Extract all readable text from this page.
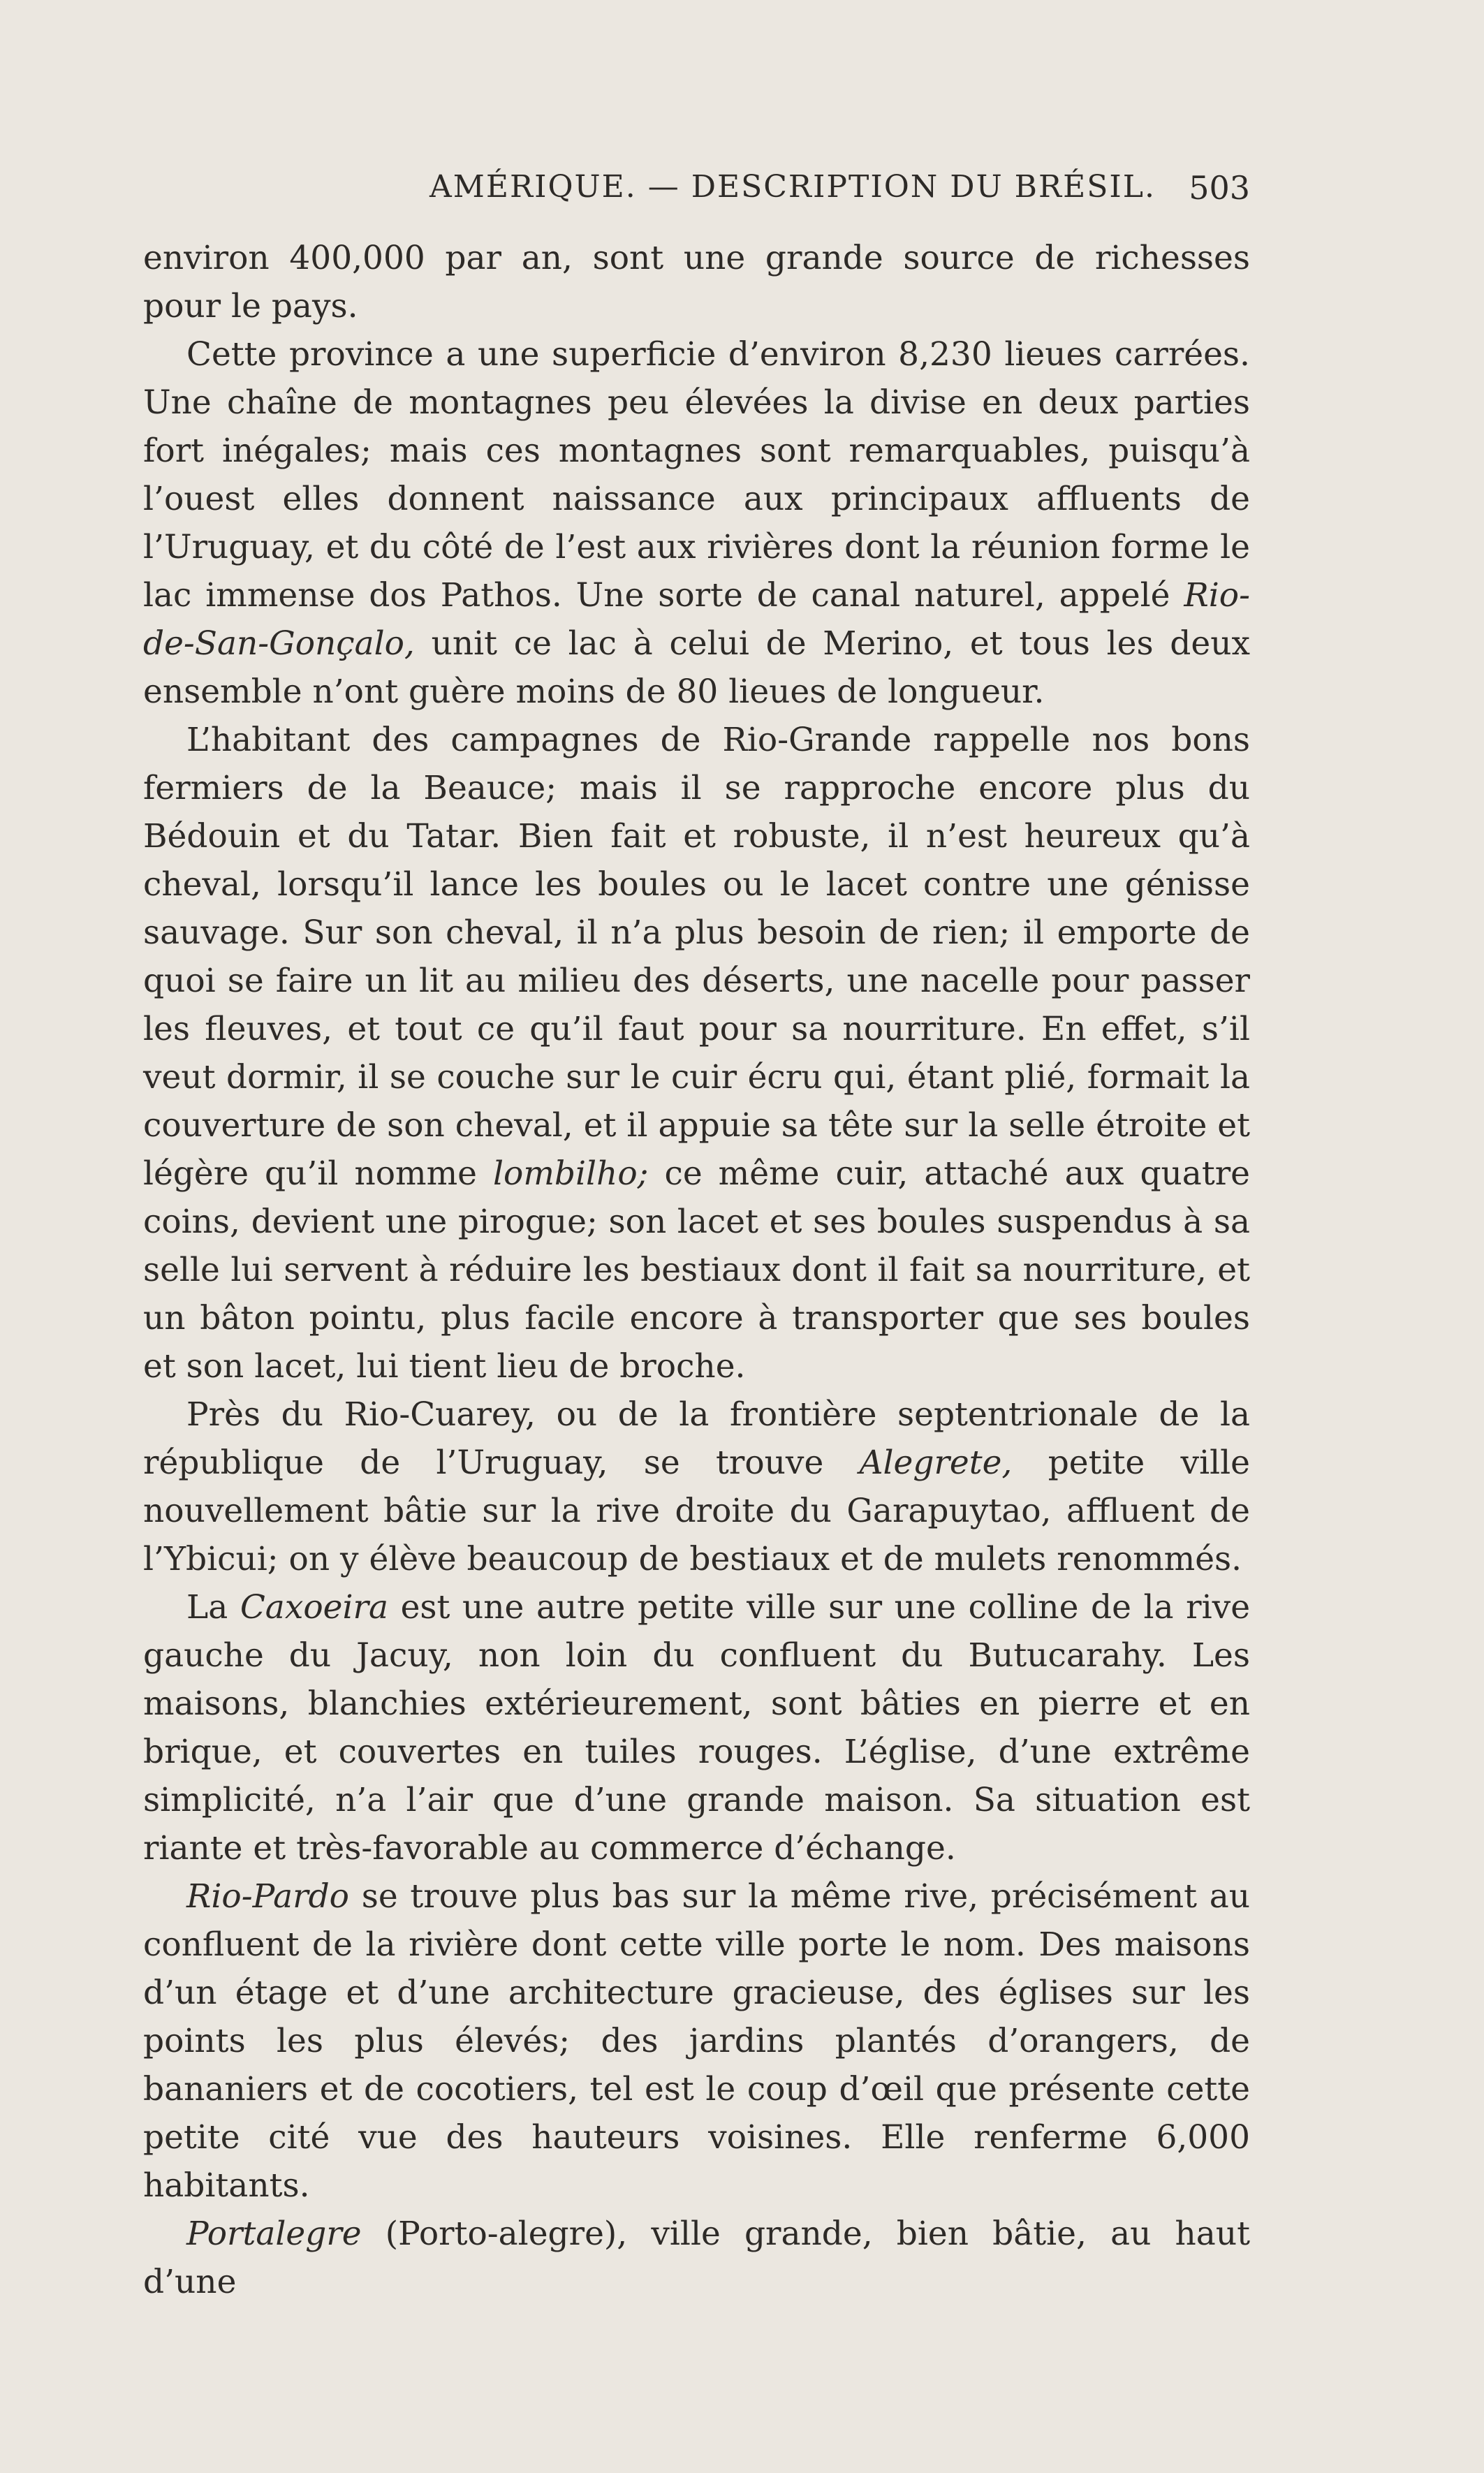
AMÉRIQUE. — DESCRIPTION DU BRÉSIL. 503

environ 400,000 par an, sont une grande source de richesses pour le pays.

Cette province a une superficie d’environ 8,230 lieues carrées. Une chaîne de montagnes peu élevées la divise en deux parties fort inégales; mais ces montagnes sont remarquables, puisqu’à l’ouest elles donnent naissance aux principaux affluents de l’Uruguay, et du côté de l’est aux rivières dont la réunion forme le lac immense dos Pathos. Une sorte de canal naturel, appelé Rio-de-San-Gonçalo, unit ce lac à celui de Merino, et tous les deux ensemble n’ont guère moins de 80 lieues de longueur.

L’habitant des campagnes de Rio-Grande rappelle nos bons fermiers de la Beauce; mais il se rapproche encore plus du Bédouin et du Tatar. Bien fait et robuste, il n’est heureux qu’à cheval, lorsqu’il lance les boules ou le lacet contre une génisse sauvage. Sur son cheval, il n’a plus besoin de rien; il emporte de quoi se faire un lit au milieu des déserts, une nacelle pour passer les fleuves, et tout ce qu’il faut pour sa nourriture. En effet, s’il veut dormir, il se couche sur le cuir écru qui, étant plié, formait la couverture de son cheval, et il appuie sa tête sur la selle étroite et légère qu’il nomme lombilho; ce même cuir, attaché aux quatre coins, devient une pirogue; son lacet et ses boules suspendus à sa selle lui servent à réduire les bestiaux dont il fait sa nourriture, et un bâton pointu, plus facile encore à transporter que ses boules et son lacet, lui tient lieu de broche.

Près du Rio-Cuarey, ou de la frontière septentrionale de la république de l’Uruguay, se trouve Alegrete, petite ville nouvellement bâtie sur la rive droite du Garapuytao, affluent de l’Ybicui; on y élève beaucoup de bestiaux et de mulets renommés.

La Caxoeira est une autre petite ville sur une colline de la rive gauche du Jacuy, non loin du confluent du Butucarahy. Les maisons, blanchies extérieurement, sont bâties en pierre et en brique, et couvertes en tuiles rouges. L’église, d’une extrême simplicité, n’a l’air que d’une grande maison. Sa situation est riante et très-favorable au commerce d’échange.

Rio-Pardo se trouve plus bas sur la même rive, précisément au confluent de la rivière dont cette ville porte le nom. Des maisons d’un étage et d’une architecture gracieuse, des églises sur les points les plus élevés; des jardins plantés d’orangers, de bananiers et de cocotiers, tel est le coup d’œil que présente cette petite cité vue des hauteurs voisines. Elle renferme 6,000 habitants.

Portalegre (Porto-alegre), ville grande, bien bâtie, au haut d’une
